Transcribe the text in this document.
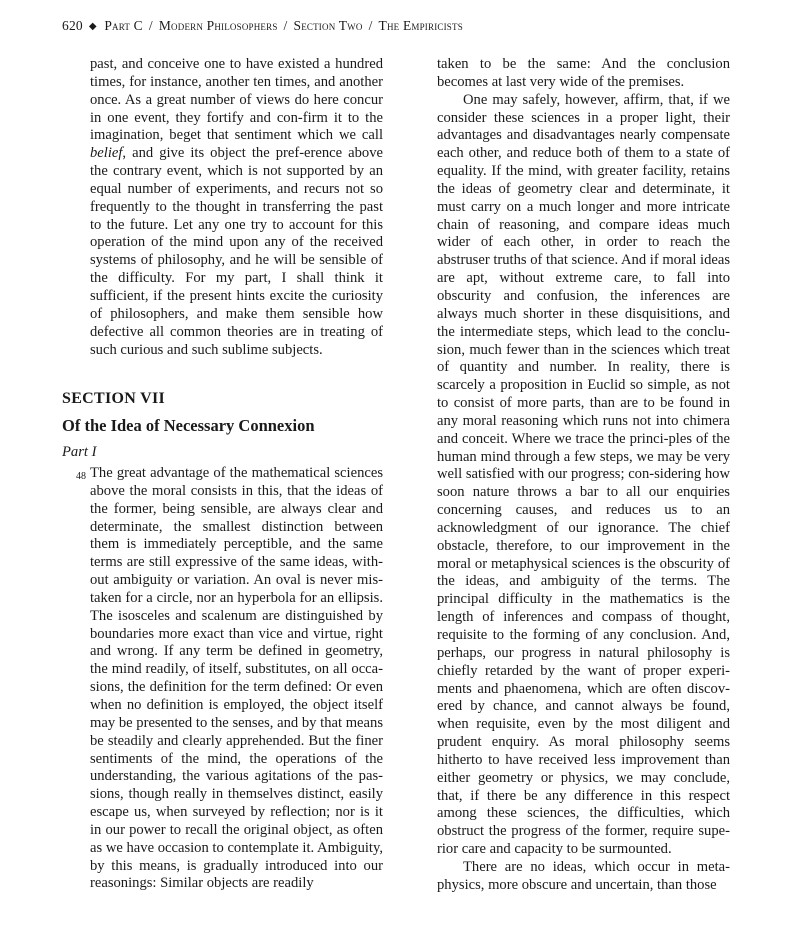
620 ◆ Part C / Modern Philosophers / Section Two / The Empiricists

past, and conceive one to have existed a hundred times, for instance, another ten times, and another once. As a great number of views do here concur in one event, they fortify and con-firm it to the imagination, beget that sentiment which we call belief, and give its object the pref-erence above the contrary event, which is not supported by an equal number of experiments, and recurs not so frequently to the thought in transferring the past to the future. Let any one try to account for this operation of the mind upon any of the received systems of philosophy, and he will be sensible of the difficulty. For my part, I shall think it sufficient, if the present hints excite the curiosity of philosophers, and make them sensible how defective all common theories are in treating of such curious and such sublime subjects.

SECTION VII
Of the Idea of Necessary Connexion
Part I

48 The great advantage of the mathematical sciences above the moral consists in this, that the ideas of the former, being sensible, are always clear and determinate, the smallest distinction between them is immediately perceptible, and the same terms are still expressive of the same ideas, with-out ambiguity or variation. An oval is never mis-taken for a circle, nor an hyperbola for an ellipsis. The isosceles and scalenum are distinguished by boundaries more exact than vice and virtue, right and wrong. If any term be defined in geometry, the mind readily, of itself, substitutes, on all occa-sions, the definition for the term defined: Or even when no definition is employed, the object itself may be presented to the senses, and by that means be steadily and clearly apprehended. But the finer sentiments of the mind, the operations of the understanding, the various agitations of the pas-sions, though really in themselves distinct, easily escape us, when surveyed by reflection; nor is it in our power to recall the original object, as often as we have occasion to contemplate it. Ambiguity, by this means, is gradually introduced into our reasonings: Similar objects are readily

taken to be the same: And the conclusion becomes at last very wide of the premises.

One may safely, however, affirm, that, if we consider these sciences in a proper light, their advantages and disadvantages nearly compensate each other, and reduce both of them to a state of equality. If the mind, with greater facility, retains the ideas of geometry clear and determinate, it must carry on a much longer and more intricate chain of reasoning, and compare ideas much wider of each other, in order to reach the abstruser truths of that science. And if moral ideas are apt, without extreme care, to fall into obscurity and confusion, the inferences are always much shorter in these disquisitions, and the intermediate steps, which lead to the conclu-sion, much fewer than in the sciences which treat of quantity and number. In reality, there is scarcely a proposition in Euclid so simple, as not to consist of more parts, than are to be found in any moral reasoning which runs not into chimera and conceit. Where we trace the princi-ples of the human mind through a few steps, we may be very well satisfied with our progress; con-sidering how soon nature throws a bar to all our enquiries concerning causes, and reduces us to an acknowledgment of our ignorance. The chief obstacle, therefore, to our improvement in the moral or metaphysical sciences is the obscurity of the ideas, and ambiguity of the terms. The principal difficulty in the mathematics is the length of inferences and compass of thought, requisite to the forming of any conclusion. And, perhaps, our progress in natural philosophy is chiefly retarded by the want of proper experi-ments and phaenomena, which are often discov-ered by chance, and cannot always be found, when requisite, even by the most diligent and prudent enquiry. As moral philosophy seems hitherto to have received less improvement than either geometry or physics, we may conclude, that, if there be any difference in this respect among these sciences, the difficulties, which obstruct the progress of the former, require supe-rior care and capacity to be surmounted.

There are no ideas, which occur in meta-physics, more obscure and uncertain, than those
